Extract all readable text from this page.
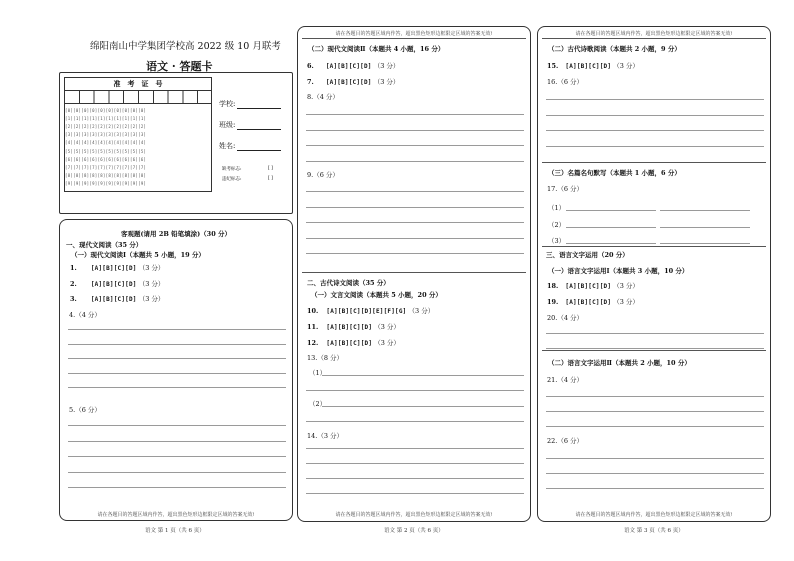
绵阳南山中学集团学校高 2022 级 10 月联考
语文 · 答题卡
准　考　证　号
[0][0][0][0][0][0][0][0][0][0]
[1][1][1][1][1][1][1][1][1][1]
[2][2][2][2][2][2][2][2][2][2]
[3][3][3][3][3][3][3][3][3][3]
[4][4][4][4][4][4][4][4][4][4]
[5][5][5][5][5][5][5][5][5][5]
[6][6][6][6][6][6][6][6][6][6]
[7][7][7][7][7][7][7][7][7][7]
[8][8][8][8][8][8][8][8][8][8]
[9][9][9][9][9][9][9][9][9][9]
学校:
班级:
姓名:
缺考标志:	[ ]
违纪标志:	[ ]
客观题(请用 2B 铅笔填涂)（30 分）
一、现代文阅读（35 分）
（一）现代文阅读Ⅰ（本题共 5 小题，19 分）
1. [A][B][C][D] （3 分）
2. [A][B][C][D] （3 分）
3. [A][B][C][D] （3 分）
4.（4 分）
5.（6 分）
请在各题目的答题区域内作答，超出黑色矩形边框限定区域的答案无效!
语文 第 1 页（共 6 页）
请在各题目的答题区域内作答，超出黑色矩形边框限定区域的答案无效!
（二）现代文阅读Ⅱ（本题共 4 小题，16 分）
6. [A][B][C][D] （3 分）
7. [A][B][C][D] （3 分）
8.（4 分）
9.（6 分）
二、古代诗文阅读（35 分）
（一）文言文阅读（本题共 5 小题，20 分）
10. [A][B][C][D][E][F][G] （3 分）
11. [A][B][C][D] （3 分）
12. [A][B][C][D] （3 分）
13.（8 分）
（1）
（2）
14.（3 分）
请在各题目的答题区域内作答，超出黑色矩形边框限定区域的答案无效!
语文 第 2 页（共 6 页）
请在各题目的答题区域内作答，超出黑色矩形边框限定区域的答案无效!
（二）古代诗歌阅读（本题共 2 小题，9 分）
15. [A][B][C][D] （3 分）
16.（6 分）
（三）名篇名句默写（本题共 1 小题，6 分）
17.（6 分）
（1）
（2）
（3）
三、语言文字运用（20 分）
（一）语言文字运用Ⅰ（本题共 3 小题，10 分）
18. [A][B][C][D] （3 分）
19. [A][B][C][D] （3 分）
20.（4 分）
（二）语言文字运用Ⅱ（本题共 2 小题，10 分）
21.（4 分）
22.（6 分）
请在各题目的答题区域内作答，超出黑色矩形边框限定区域的答案无效!
语文 第 3 页（共 6 页）
